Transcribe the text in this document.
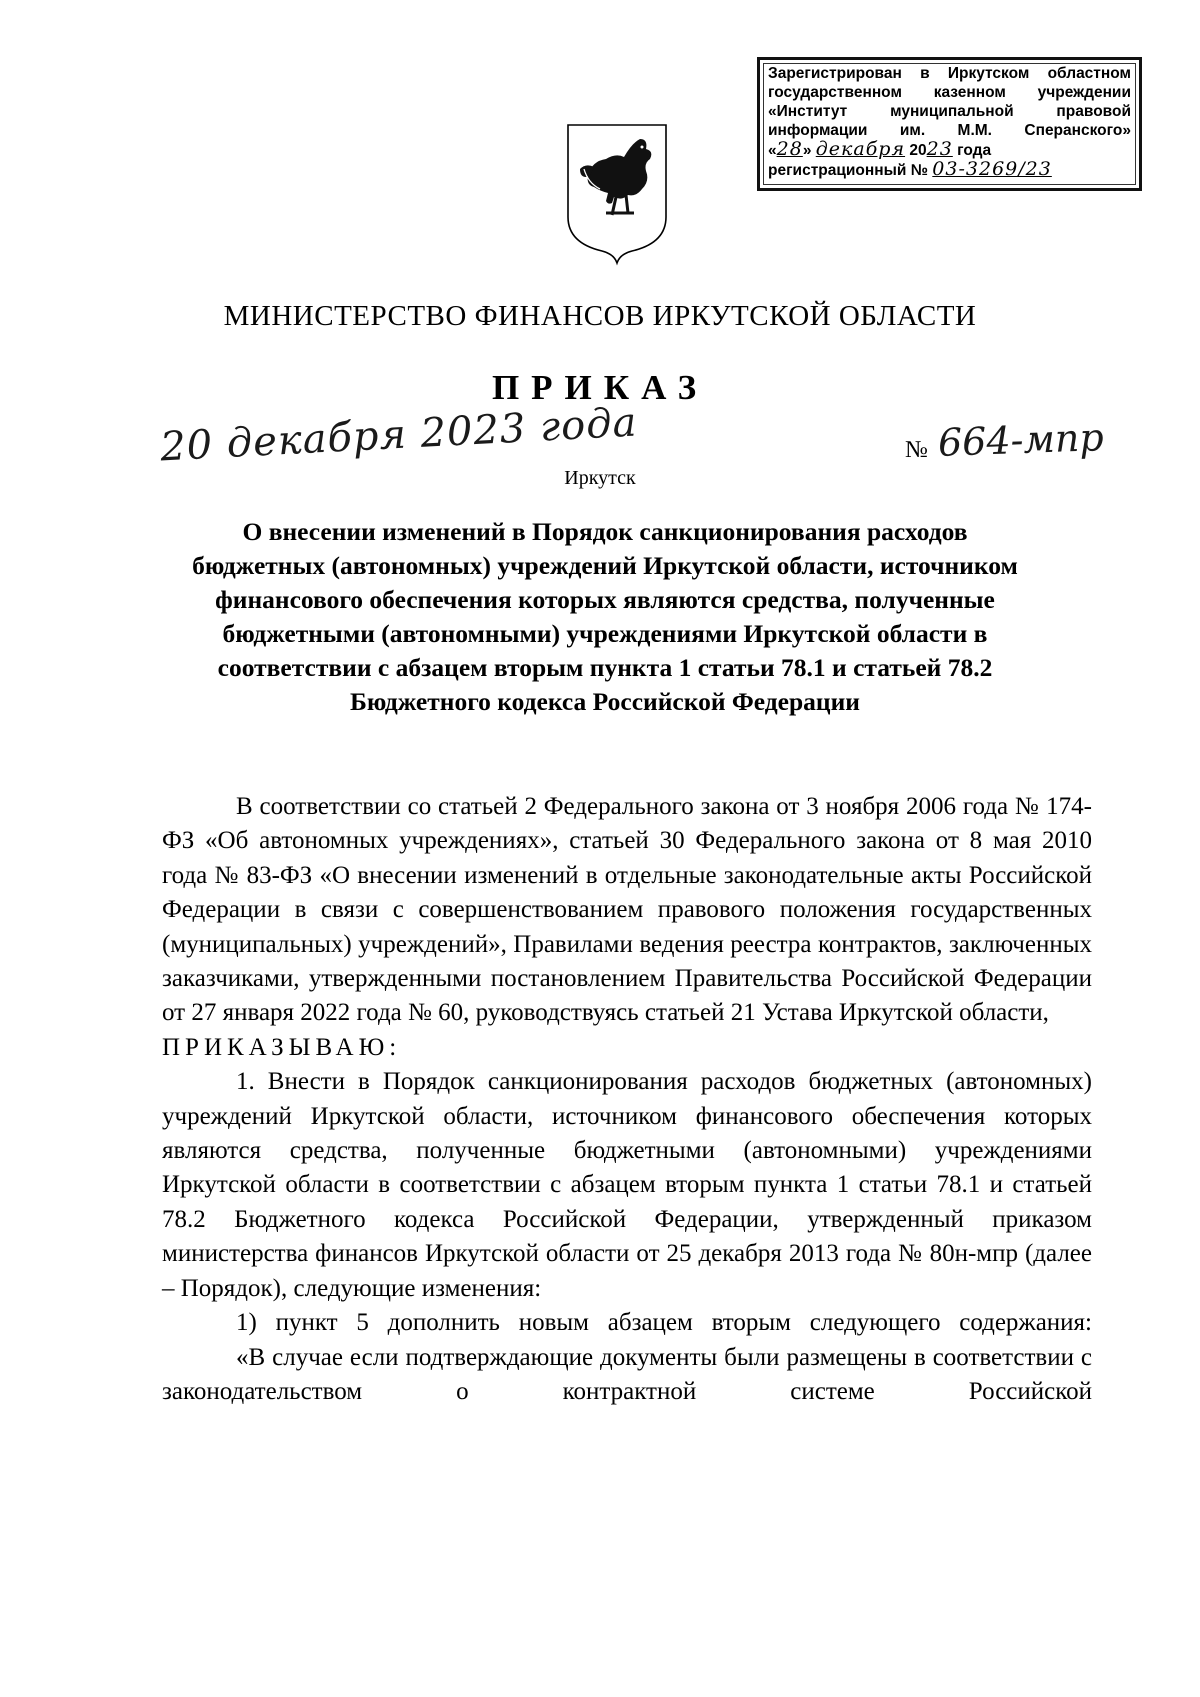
Зарегистрирован в Иркутском областном
государственном казенном учреждении
«Институт муниципальной правовой
информации им. М.М. Сперанского»
«28» декабря 2023 года
регистрационный № 03-3269/23
МИНИСТЕРСТВО ФИНАНСОВ ИРКУТСКОЙ ОБЛАСТИ
ПРИКАЗ
20 декабря 2023 года	№ 664-мпр
Иркутск
О внесении изменений в Порядок санкционирования расходов бюджетных (автономных) учреждений Иркутской области, источником финансового обеспечения которых являются средства, полученные бюджетными (автономными) учреждениями Иркутской области в соответствии с абзацем вторым пункта 1 статьи 78.1 и статьей 78.2 Бюджетного кодекса Российской Федерации
В соответствии со статьей 2 Федерального закона от 3 ноября 2006 года № 174-ФЗ «Об автономных учреждениях», статьей 30 Федерального закона от 8 мая 2010 года № 83-ФЗ «О внесении изменений в отдельные законодательные акты Российской Федерации в связи с совершенствованием правового положения государственных (муниципальных) учреждений», Правилами ведения реестра контрактов, заключенных заказчиками, утвержденными постановлением Правительства Российской Федерации от 27 января 2022 года № 60, руководствуясь статьей 21 Устава Иркутской области,
ПРИКАЗЫВАЮ:
1. Внести в Порядок санкционирования расходов бюджетных (автономных) учреждений Иркутской области, источником финансового обеспечения которых являются средства, полученные бюджетными (автономными) учреждениями Иркутской области в соответствии с абзацем вторым пункта 1 статьи 78.1 и статьей 78.2 Бюджетного кодекса Российской Федерации, утвержденный приказом министерства финансов Иркутской области от 25 декабря 2013 года № 80н-мпр (далее – Порядок), следующие изменения:
1) пункт 5 дополнить новым абзацем вторым следующего содержания:
«В случае если подтверждающие документы были размещены в соответствии с законодательством о контрактной системе Российской
